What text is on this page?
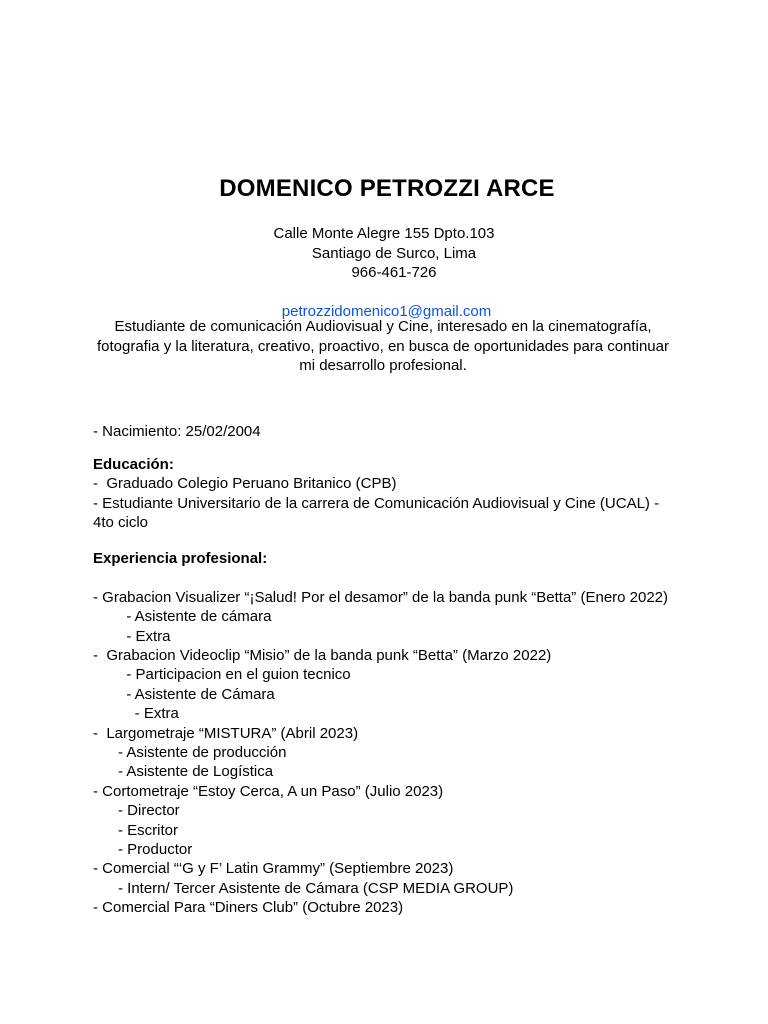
DOMENICO PETROZZI ARCE
Calle Monte Alegre 155 Dpto.103
Santiago de Surco, Lima
966-461-726

petrozzidomenico1@gmail.com

Estudiante de comunicación Audiovisual y Cine, interesado en la cinematografía, fotografia y la literatura, creativo, proactivo, en busca de oportunidades para continuar mi desarrollo profesional.
- Nacimiento: 25/02/2004
Educación:
-  Graduado Colegio Peruano Britanico (CPB)
- Estudiante Universitario de la carrera de Comunicación Audiovisual y Cine (UCAL) - 4to ciclo
Experiencia profesional:
- Grabacion Visualizer “¡Salud! Por el desamor” de la banda punk “Betta” (Enero 2022)
- Asistente de cámara
- Extra
-  Grabacion Videoclip “Misio” de la banda punk “Betta” (Marzo 2022)
- Participacion en el guion tecnico
- Asistente de Cámara
- Extra
-  Largometraje “MISTURA” (Abril 2023)
- Asistente de producción
- Asistente de Logística
- Cortometraje “Estoy Cerca, A un Paso” (Julio 2023)
- Director
- Escritor
- Productor
- Comercial “‘G y F’ Latin Grammy” (Septiembre 2023)
- Intern/ Tercer Asistente de Cámara (CSP MEDIA GROUP)
- Comercial Para “Diners Club” (Octubre 2023)
